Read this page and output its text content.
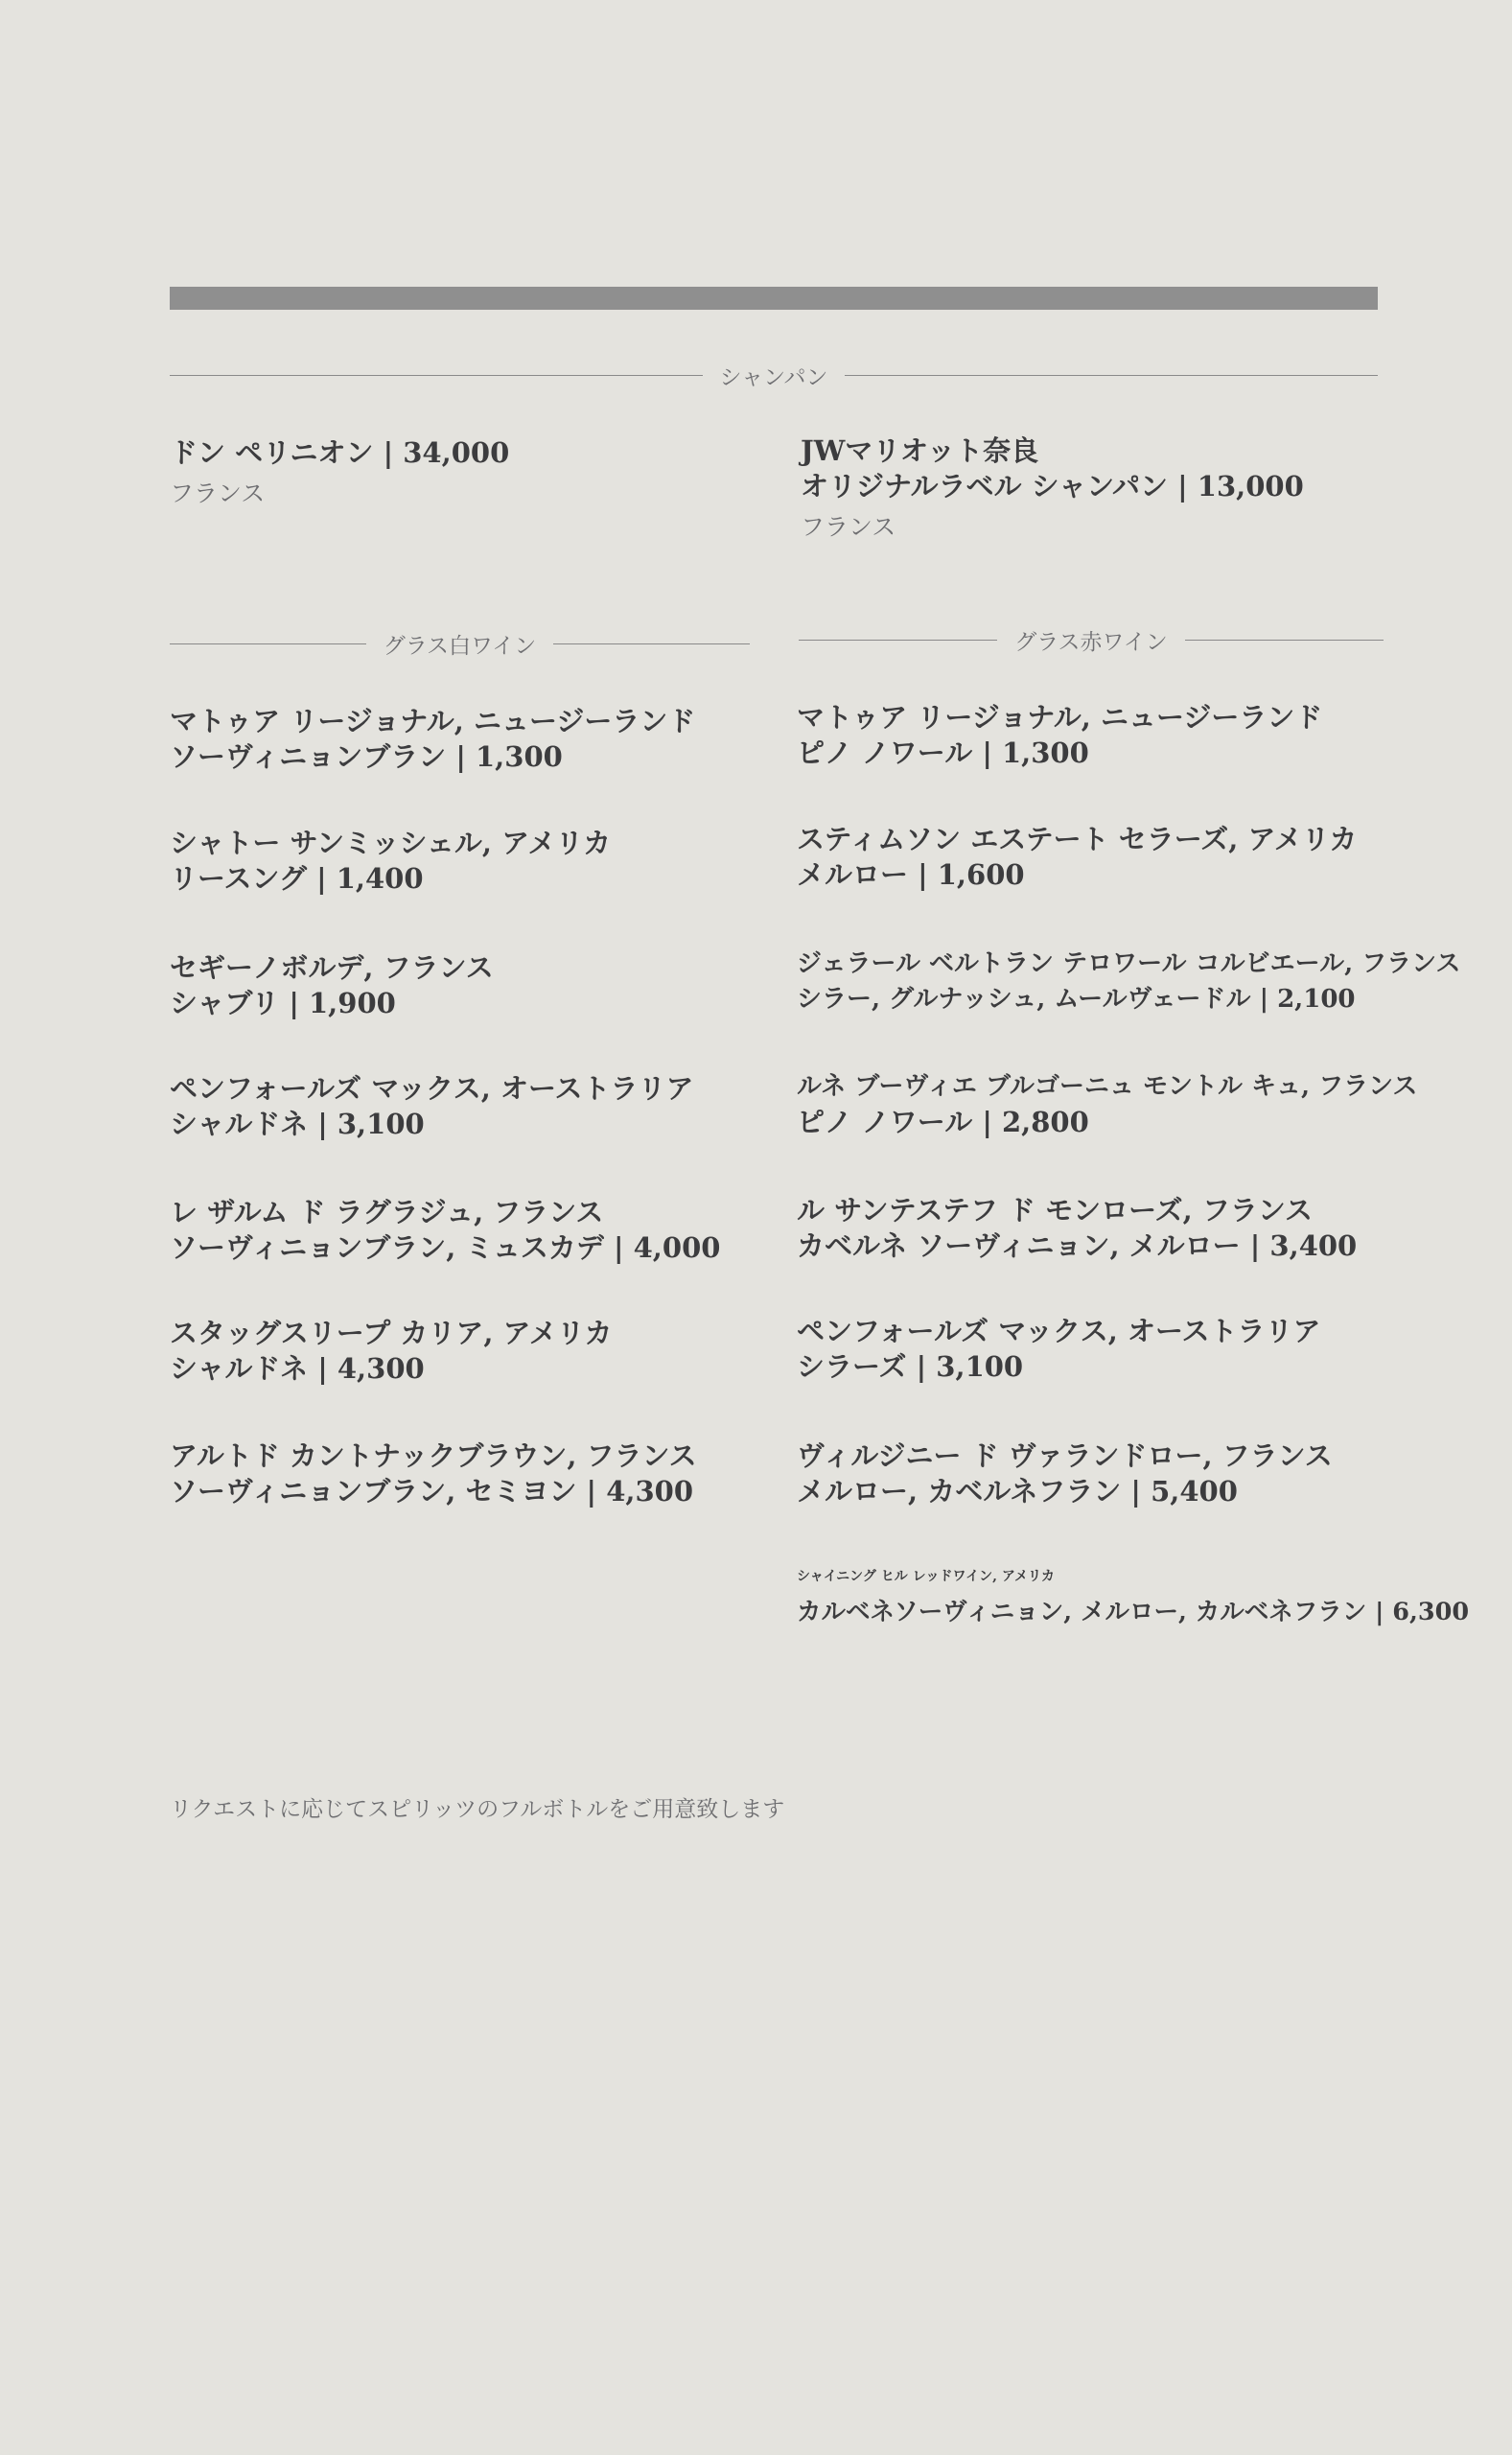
シャンパン
ドン ペリニオン | 34,000
フランス
JWマリオット奈良
オリジナルラベル シャンパン | 13,000
フランス
グラス白ワイン	グラス赤ワイン
マトゥア リージョナル, ニュージーランド
ソーヴィニョンブラン | 1,300
シャトー サンミッシェル, アメリカ
リースング | 1,400
セギーノボルデ, フランス
シャブリ | 1,900
ペンフォールズ マックス, オーストラリア
シャルドネ | 3,100
レ ザルム ド ラグラジュ, フランス
ソーヴィニョンブラン, ミュスカデ | 4,000
スタッグスリープ カリア, アメリカ
シャルドネ | 4,300
アルトド カントナックブラウン, フランス
ソーヴィニョンブラン, セミヨン | 4,300
マトゥア リージョナル, ニュージーランド
ピノ ノワール | 1,300
スティムソン エステート セラーズ, アメリカ
メルロー | 1,600
ジェラール ベルトラン テロワール コルビエール, フランス
シラー, グルナッシュ, ムールヴェードル | 2,100
ルネ ブーヴィエ ブルゴーニュ モントル キュ, フランス
ピノ ノワール | 2,800
ル サンテステフ ド モンローズ, フランス
カベルネ ソーヴィニョン, メルロー | 3,400
ペンフォールズ マックス, オーストラリア
シラーズ | 3,100
ヴィルジニー ド ヴァランドロー, フランス
メルロー, カベルネフラン | 5,400
シャイニング ヒル レッドワイン, アメリカ
カルベネソーヴィニョン, メルロー, カルベネフラン | 6,300
リクエストに応じてスピリッツのフルボトルをご用意致します
